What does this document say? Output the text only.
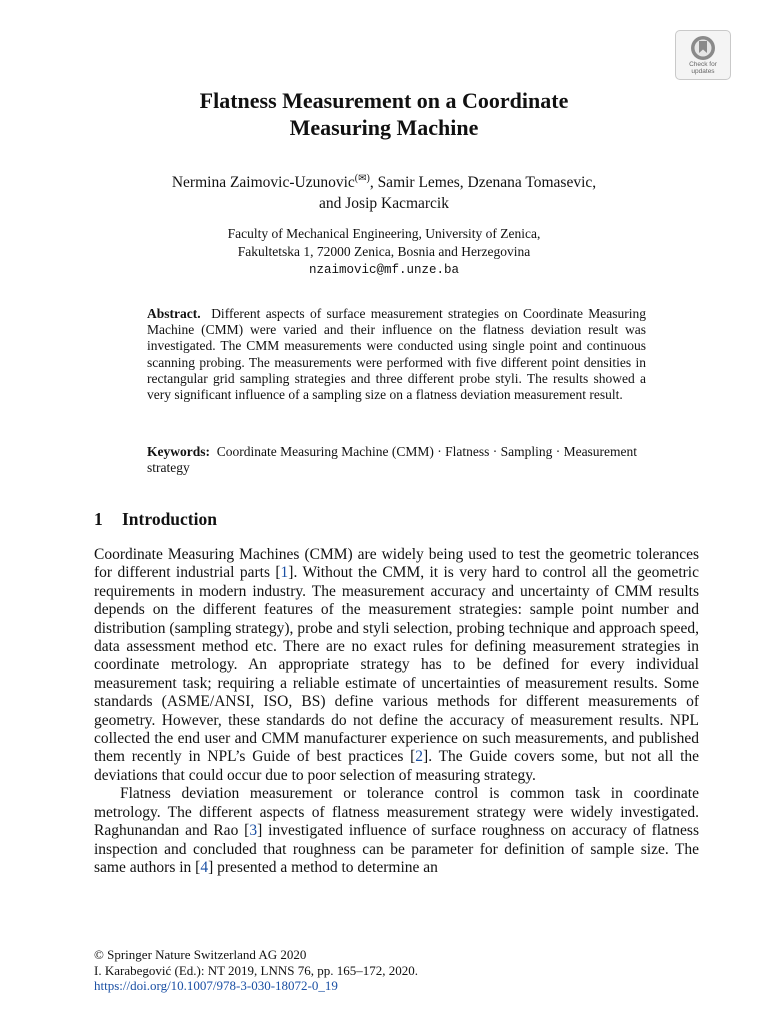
Check for
updates
Flatness Measurement on a Coordinate
Measuring Machine
Nermina Zaimovic-Uzunovic(✉), Samir Lemes, Dzenana Tomasevic,
and Josip Kacmarcik
Faculty of Mechanical Engineering, University of Zenica,
Fakultetska 1, 72000 Zenica, Bosnia and Herzegovina
nzaimovic@mf.unze.ba
Abstract. Different aspects of surface measurement strategies on Coordinate Measuring Machine (CMM) were varied and their influence on the flatness deviation result was investigated. The CMM measurements were conducted using single point and continuous scanning probing. The measurements were performed with five different point densities in rectangular grid sampling strategies and three different probe styli. The results showed a very significant influence of a sampling size on a flatness deviation measurement result.
Keywords: Coordinate Measuring Machine (CMM) · Flatness · Sampling · Measurement strategy
1 Introduction

Coordinate Measuring Machines (CMM) are widely being used to test the geometric tolerances for different industrial parts [1]. Without the CMM, it is very hard to control all the geometric requirements in modern industry. The measurement accuracy and uncertainty of CMM results depends on the different features of the measurement strategies: sample point number and distribution (sampling strategy), probe and styli selection, probing technique and approach speed, data assessment method etc. There are no exact rules for defining measurement strategies in coordinate metrology. An appropriate strategy has to be defined for every individual measurement task; requiring a reliable estimate of uncertainties of measurement results. Some standards (ASME/ANSI, ISO, BS) define various methods for different measurements of geometry. However, these standards do not define the accuracy of measurement results. NPL collected the end user and CMM manufacturer experience on such measurements, and published them recently in NPL’s Guide of best practices [2]. The Guide covers some, but not all the deviations that could occur due to poor selection of measuring strategy.

Flatness deviation measurement or tolerance control is common task in coordinate metrology. The different aspects of flatness measurement strategy were widely investigated. Raghunandan and Rao [3] investigated influence of surface roughness on accuracy of flatness inspection and concluded that roughness can be parameter for definition of sample size. The same authors in [4] presented a method to determine an

© Springer Nature Switzerland AG 2020
I. Karabegović (Ed.): NT 2019, LNNS 76, pp. 165–172, 2020.
https://doi.org/10.1007/978-3-030-18072-0_19
